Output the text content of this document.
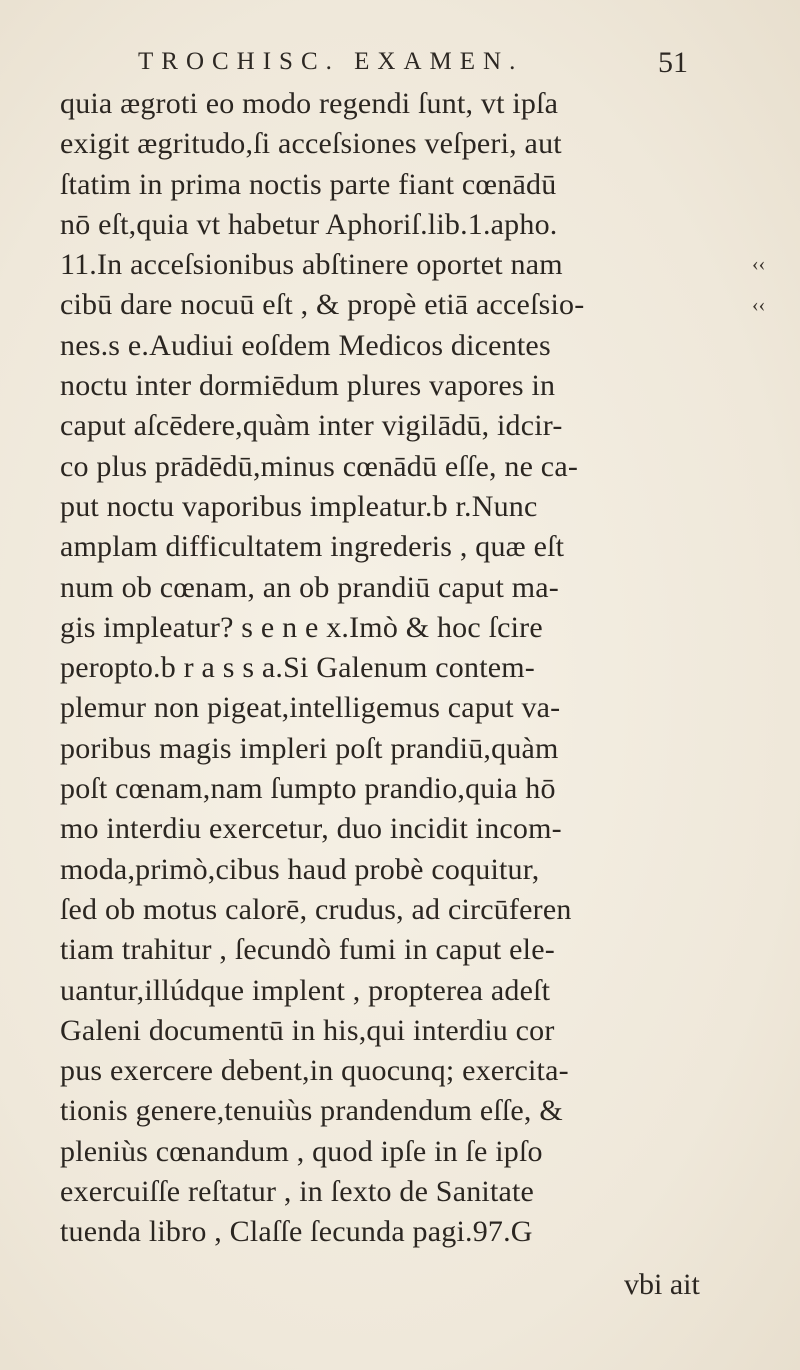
TROCHISC. EXAMEN.	51
quia ægroti eo modo regendi ſunt, vt ipſa
exigit ægritudo,ſi acceſsiones veſperi, aut
ſtatim in prima noctis parte fiant cœnādū
nō eſt,quia vt habetur Aphoriſ.lib.1.apho.
11.In acceſsionibus abſtinere oportet nam
cibū dare nocuū eſt , & propè etiā acceſsio-
nes.s e.Audiui eoſdem Medicos dicentes
noctu inter dormiēdum plures vapores in
caput aſcēdere,quàm inter vigilādū, idcir-
co plus prādēdū,minus cœnādū eſſe, ne ca-
put noctu vaporibus impleatur.b r.Nunc
amplam difficultatem ingrederis , quæ eſt
num ob cœnam, an ob prandiū caput ma-
gis impleatur? s e n e x.Imò & hoc ſcire
peropto.b r a s s a.Si Galenum contem-
plemur non pigeat,intelligemus caput va-
poribus magis impleri poſt prandiū,quàm
poſt cœnam,nam ſumpto prandio,quia hō
mo interdiu exercetur, duo incidit incom-
moda,primò,cibus haud probè coquitur,
ſed ob motus calorē, crudus, ad circūferen
tiam trahitur , ſecundò fumi in caput ele-
uantur,illúdque implent , propterea adeſt
Galeni documentū in his,qui interdiu cor
pus exercere debent,in quocunq; exercita-
tionis genere,tenuiùs prandendum eſſe, &
pleniùs cœnandum , quod ipſe in ſe ipſo
exercuiſſe reſtatur , in ſexto de Sanitate
tuenda libro , Claſſe ſecunda pagi.97.G
‹‹
‹‹
vbi ait
